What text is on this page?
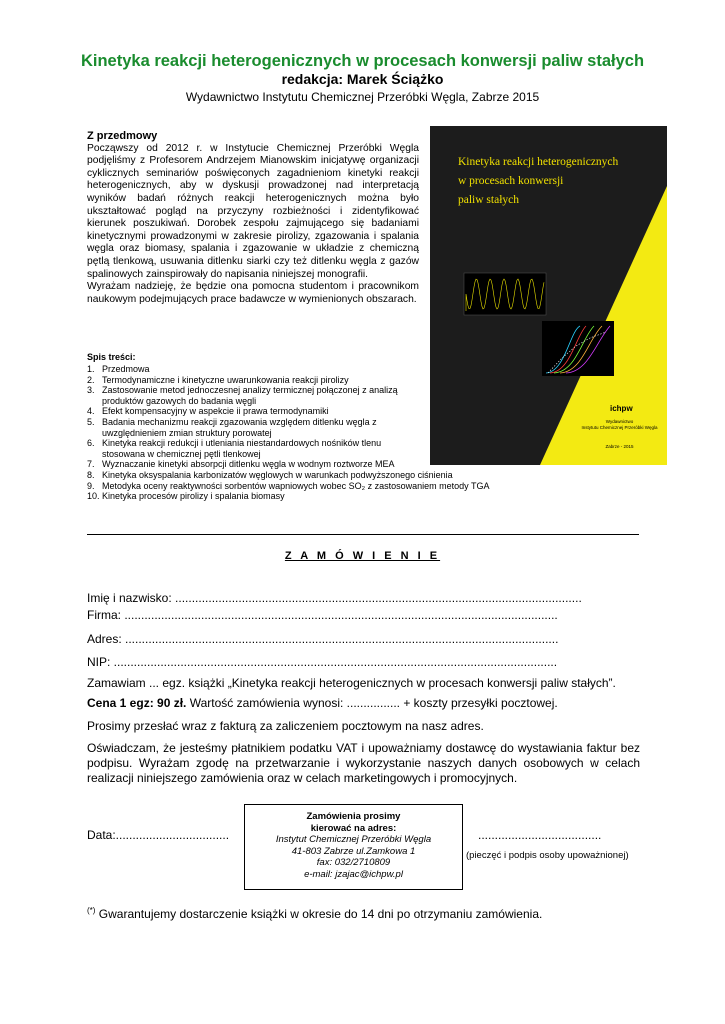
Kinetyka reakcji heterogenicznych w procesach konwersji paliw stałych
redakcja: Marek Ściążko
Wydawnictwo Instytutu Chemicznej Przeróbki Węgla, Zabrze 2015
Z przedmowy

Począwszy od 2012 r. w Instytucie Chemicznej Przeróbki Węgla podjęliśmy z Profesorem Andrzejem Mianowskim inicjatywę organizacji cyklicznych seminariów poświęconych zagadnieniom kinetyki reakcji heterogenicznych, aby w dyskusji prowadzonej nad interpretacją wyników badań różnych reakcji heterogenicznych można było ukształtować pogląd na przyczyny rozbieżności i zidentyfikować kierunek poszukiwań. Dorobek zespołu zajmującego się badaniami kinetycznymi prowadzonymi w zakresie pirolizy, zgazowania i spalania węgla oraz biomasy, spalania i zgazowanie w układzie z chemiczną pętlą tlenkową, usuwania ditlenku siarki czy też ditlenku węgla z gazów spalinowych zainspirowały do napisania niniejszej monografii.

Wyrażam nadzieję, że będzie ona pomocna studentom i pracownikom naukowym podejmujących prace badawcze w wymienionych obszarach.

Spis treści:
1. Przedmowa
2. Termodynamiczne i kinetyczne uwarunkowania reakcji pirolizy
3. Zastosowanie metod jednoczesnej analizy termicznej połączonej z analizą produktów gazowych do badania węgli
4. Efekt kompensacyjny w aspekcie ii prawa termodynamiki
5. Badania mechanizmu reakcji zgazowania względem ditlenku węgla z uwzględnieniem zmian struktury porowatej
6. Kinetyka reakcji redukcji i utleniania niestandardowych nośników tlenu stosowana w chemicznej pętli tlenkowej
7. Wyznaczanie kinetyki absorpcji ditlenku węgla w wodnym roztworze MEA
8. Kinetyka oksyspalania karbonizatów węglowych w warunkach podwyższonego ciśnienia
9. Metodyka oceny reaktywności sorbentów wapniowych wobec SO₂ z zastosowaniem metody TGA
10. Kinetyka procesów pirolizy i spalania biomasy
Kinetyka reakcji heterogenicznych
w procesach konwersji
paliw stałych
ichpw
Wydawnictwo
Instytutu Chemicznej Przeróbki Węgla
Zabrze - 2015
Z A M Ó W I E N I E
Imię i nazwisko: ..........................................................................................................................
Firma: ..................................................................................................................................
Adres: ..................................................................................................................................
NIP: .....................................................................................................................................
Zamawiam ... egz. książki „Kinetyka reakcji heterogenicznych w procesach konwersji paliw stałych”.
Cena 1 egz: 90 zł. Wartość zamówienia wynosi: ................ + koszty przesyłki pocztowej.
Prosimy przesłać wraz z fakturą za zaliczeniem pocztowym na nasz adres.
Oświadczam, że jesteśmy płatnikiem podatku VAT i upoważniamy dostawcę do wystawiania faktur bez podpisu. Wyrażam zgodę na przetwarzanie i wykorzystanie naszych danych osobowych w celach realizacji niniejszego zamówienia oraz w celach marketingowych i promocyjnych.
Zamówienia prosimy
kierować na adres:
Instytut Chemicznej Przeróbki Węgla
41-803 Zabrze ul.Zamkowa 1
fax: 032/2710809
e-mail: jzajac@ichpw.pl
Data:..................................	.....................................
(pieczęć i podpis osoby upoważnionej)
(*) Gwarantujemy dostarczenie książki w okresie do 14 dni po otrzymaniu zamówienia.
